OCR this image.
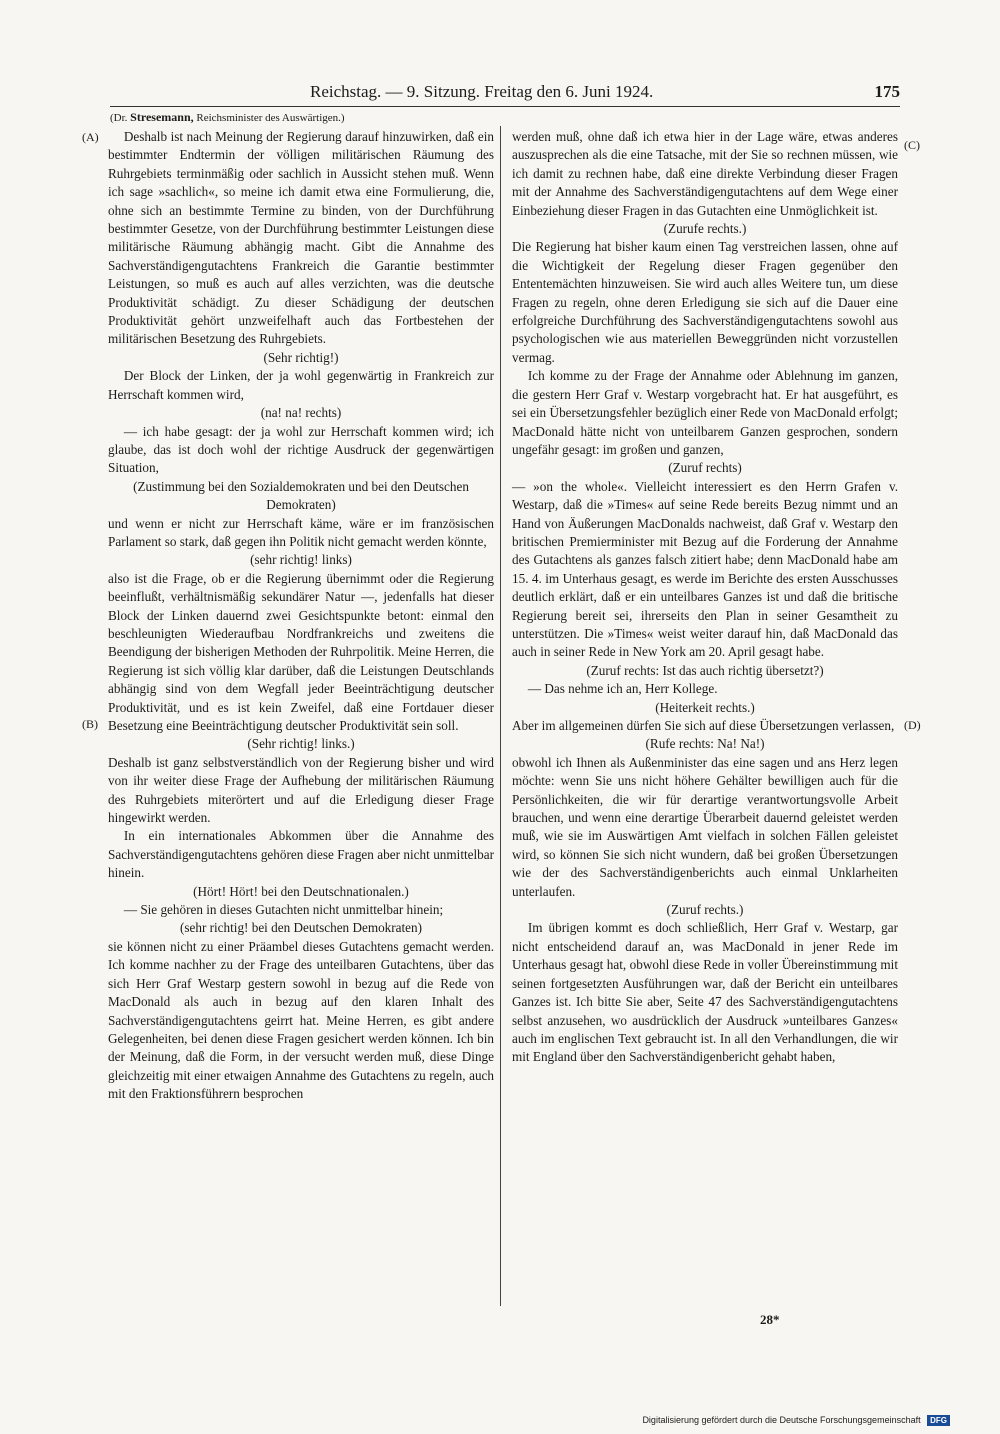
Reichstag. — 9. Sitzung. Freitag den 6. Juni 1924.	175
(Dr. Stresemann, Reichsminister des Auswärtigen.)
(A)
(B)
(C)
(D)

Deshalb ist nach Meinung der Regierung darauf hinzuwirken, daß ein bestimmter Endtermin der völligen militärischen Räumung des Ruhrgebiets terminmäßig oder sachlich in Aussicht stehen muß. Wenn ich sage »sachlich«, so meine ich damit etwa eine Formulierung, die, ohne sich an bestimmte Termine zu binden, von der Durchführung bestimmter Gesetze, von der Durchführung bestimmter Leistungen diese militärische Räumung abhängig macht. Gibt die Annahme des Sachverständigengutachtens Frankreich die Garantie bestimmter Leistungen, so muß es auch auf alles verzichten, was die deutsche Produktivität schädigt. Zu dieser Schädigung der deutschen Produktivität gehört unzweifelhaft auch das Fortbestehen der militärischen Besetzung des Ruhrgebiets.

(Sehr richtig!)

Der Block der Linken, der ja wohl gegenwärtig in Frankreich zur Herrschaft kommen wird,

(na! na! rechts)

— ich habe gesagt: der ja wohl zur Herrschaft kommen wird; ich glaube, das ist doch wohl der richtige Ausdruck der gegenwärtigen Situation,

(Zustimmung bei den Sozialdemokraten und bei den Deutschen Demokraten)

und wenn er nicht zur Herrschaft käme, wäre er im französischen Parlament so stark, daß gegen ihn Politik nicht gemacht werden könnte,

(sehr richtig! links)

also ist die Frage, ob er die Regierung übernimmt oder die Regierung beeinflußt, verhältnismäßig sekundärer Natur —, jedenfalls hat dieser Block der Linken dauernd zwei Gesichtspunkte betont: einmal den beschleunigten Wiederaufbau Nordfrankreichs und zweitens die Beendigung der bisherigen Methoden der Ruhrpolitik. Meine Herren, die Regierung ist sich völlig klar darüber, daß die Leistungen Deutschlands abhängig sind von dem Wegfall jeder Beeinträchtigung deutscher Produktivität, und es ist kein Zweifel, daß eine Fortdauer dieser Besetzung eine Beeinträchtigung deutscher Produktivität sein soll.

(Sehr richtig! links.)

Deshalb ist ganz selbstverständlich von der Regierung bisher und wird von ihr weiter diese Frage der Aufhebung der militärischen Räumung des Ruhrgebiets miterörtert und auf die Erledigung dieser Frage hingewirkt werden.

In ein internationales Abkommen über die Annahme des Sachverständigengutachtens gehören diese Fragen aber nicht unmittelbar hinein.

(Hört! Hört! bei den Deutschnationalen.)

— Sie gehören in dieses Gutachten nicht unmittelbar hinein;

(sehr richtig! bei den Deutschen Demokraten)

sie können nicht zu einer Präambel dieses Gutachtens gemacht werden. Ich komme nachher zu der Frage des unteilbaren Gutachtens, über das sich Herr Graf Westarp gestern sowohl in bezug auf die Rede von MacDonald als auch in bezug auf den klaren Inhalt des Sachverständigengutachtens geirrt hat. Meine Herren, es gibt andere Gelegenheiten, bei denen diese Fragen gesichert werden können. Ich bin der Meinung, daß die Form, in der versucht werden muß, diese Dinge gleichzeitig mit einer etwaigen Annahme des Gutachtens zu regeln, auch mit den Fraktionsführern besprochen

werden muß, ohne daß ich etwa hier in der Lage wäre, etwas anderes auszusprechen als die eine Tatsache, mit der Sie so rechnen müssen, wie ich damit zu rechnen habe, daß eine direkte Verbindung dieser Fragen mit der Annahme des Sachverständigengutachtens auf dem Wege einer Einbeziehung dieser Fragen in das Gutachten eine Unmöglichkeit ist.

(Zurufe rechts.)

Die Regierung hat bisher kaum einen Tag verstreichen lassen, ohne auf die Wichtigkeit der Regelung dieser Fragen gegenüber den Ententemächten hinzuweisen. Sie wird auch alles Weitere tun, um diese Fragen zu regeln, ohne deren Erledigung sie sich auf die Dauer eine erfolgreiche Durchführung des Sachverständigengutachtens sowohl aus psychologischen wie aus materiellen Beweggründen nicht vorzustellen vermag.

Ich komme zu der Frage der Annahme oder Ablehnung im ganzen, die gestern Herr Graf v. Westarp vorgebracht hat. Er hat ausgeführt, es sei ein Übersetzungsfehler bezüglich einer Rede von MacDonald erfolgt; MacDonald hätte nicht von unteilbarem Ganzen gesprochen, sondern ungefähr gesagt: im großen und ganzen,

(Zuruf rechts)

— »on the whole«. Vielleicht interessiert es den Herrn Grafen v. Westarp, daß die »Times« auf seine Rede bereits Bezug nimmt und an Hand von Äußerungen MacDonalds nachweist, daß Graf v. Westarp den britischen Premierminister mit Bezug auf die Forderung der Annahme des Gutachtens als ganzes falsch zitiert habe; denn MacDonald habe am 15. 4. im Unterhaus gesagt, es werde im Berichte des ersten Ausschusses deutlich erklärt, daß er ein unteilbares Ganzes ist und daß die britische Regierung bereit sei, ihrerseits den Plan in seiner Gesamtheit zu unterstützen. Die »Times« weist weiter darauf hin, daß MacDonald das auch in seiner Rede in New York am 20. April gesagt habe.

(Zuruf rechts: Ist das auch richtig übersetzt?)

— Das nehme ich an, Herr Kollege.

(Heiterkeit rechts.)

Aber im allgemeinen dürfen Sie sich auf diese Übersetzungen verlassen,

(Rufe rechts: Na! Na!)

obwohl ich Ihnen als Außenminister das eine sagen und ans Herz legen möchte: wenn Sie uns nicht höhere Gehälter bewilligen auch für die Persönlichkeiten, die wir für derartige verantwortungsvolle Arbeit brauchen, und wenn eine derartige Überarbeit dauernd geleistet werden muß, wie sie im Auswärtigen Amt vielfach in solchen Fällen geleistet wird, so können Sie sich nicht wundern, daß bei großen Übersetzungen wie der des Sachverständigenberichts auch einmal Unklarheiten unterlaufen.

(Zuruf rechts.)

Im übrigen kommt es doch schließlich, Herr Graf v. Westarp, gar nicht entscheidend darauf an, was MacDonald in jener Rede im Unterhaus gesagt hat, obwohl diese Rede in voller Übereinstimmung mit seinen fortgesetzten Ausführungen war, daß der Bericht ein unteilbares Ganzes ist. Ich bitte Sie aber, Seite 47 des Sachverständigengutachtens selbst anzusehen, wo ausdrücklich der Ausdruck »unteilbares Ganzes« auch im englischen Text gebraucht ist. In all den Verhandlungen, die wir mit England über den Sachverständigenbericht gehabt haben,

28*
Digitalisierung gefördert durch die Deutsche Forschungsgemeinschaft DFG
